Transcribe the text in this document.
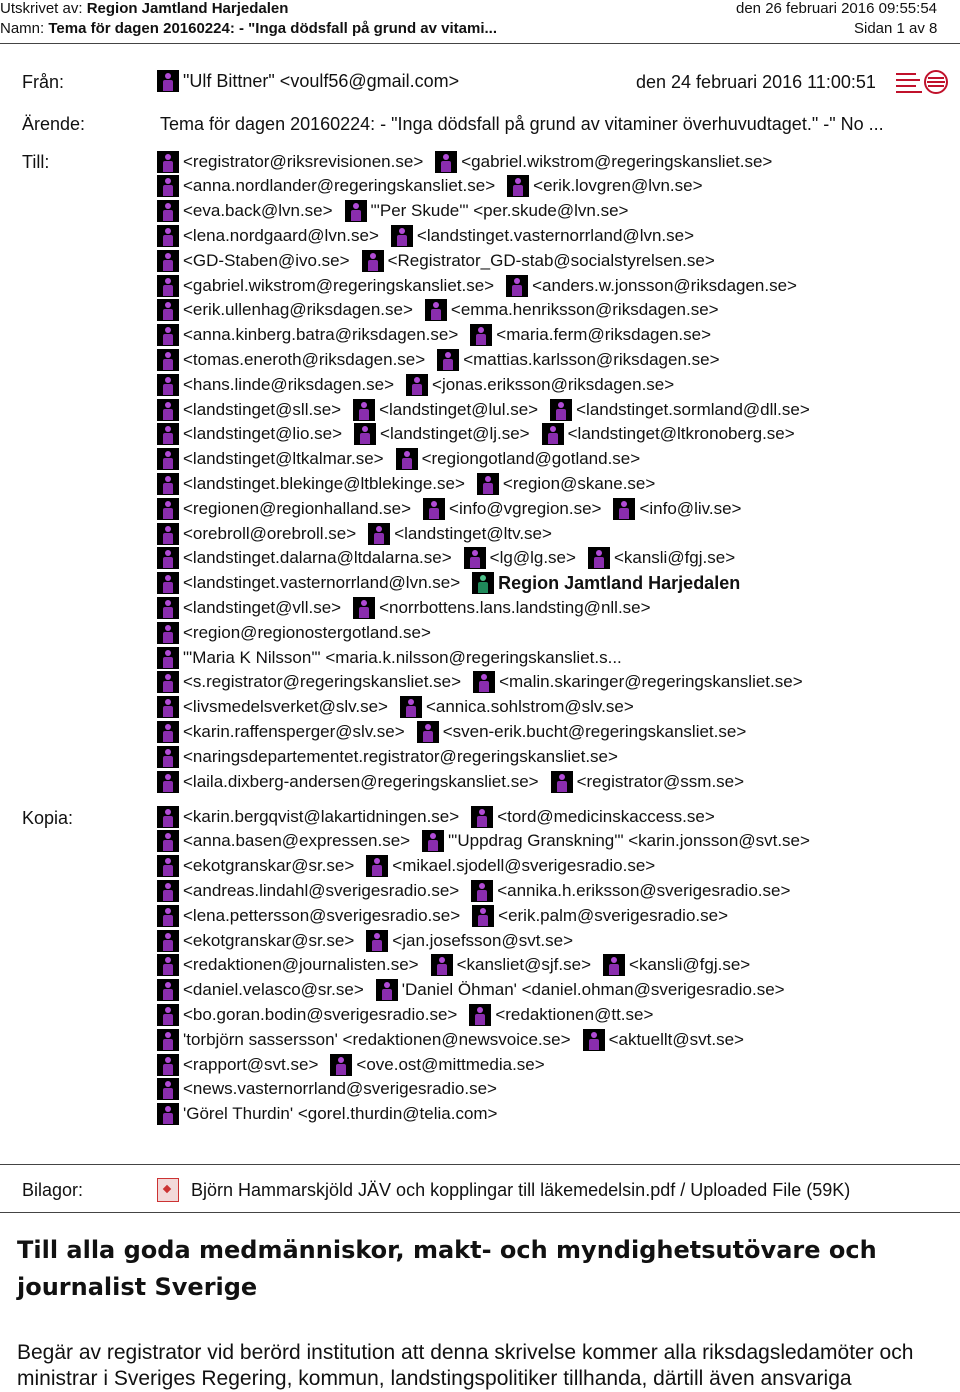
Utskrivet av: Region Jamtland Harjedalen	den 26 februari 2016 09:55:54
Namn: Tema för dagen 20160224: - "Inga dödsfall på grund av vitami...	Sidan 1 av 8
Från:	"Ulf Bittner" <voulf56@gmail.com>	den 24 februari 2016 11:00:51
Ärende:	Tema för dagen 20160224: - "Inga dödsfall på grund av vitaminer överhuvudtaget." -" No ...
Till:	<registrator@riksrevisionen.se> <gabriel.wikstrom@regeringskansliet.se>
<anna.nordlander@regeringskansliet.se> <erik.lovgren@lvn.se>
<eva.back@lvn.se> "'Per Skude'" <per.skude@lvn.se>
<lena.nordgaard@lvn.se> <landstinget.vasternorrland@lvn.se>
<GD-Staben@ivo.se> <Registrator_GD-stab@socialstyrelsen.se>
<gabriel.wikstrom@regeringskansliet.se> <anders.w.jonsson@riksdagen.se>
<erik.ullenhag@riksdagen.se> <emma.henriksson@riksdagen.se>
<anna.kinberg.batra@riksdagen.se> <maria.ferm@riksdagen.se>
<tomas.eneroth@riksdagen.se> <mattias.karlsson@riksdagen.se>
<hans.linde@riksdagen.se> <jonas.eriksson@riksdagen.se>
<landstinget@sll.se> <landstinget@lul.se> <landstinget.sormland@dll.se>
<landstinget@lio.se> <landstinget@lj.se> <landstinget@ltkronoberg.se>
<landstinget@ltkalmar.se> <regiongotland@gotland.se>
<landstinget.blekinge@ltblekinge.se> <region@skane.se>
<regionen@regionhalland.se> <info@vgregion.se> <info@liv.se>
<orebroll@orebroll.se> <landstinget@ltv.se>
<landstinget.dalarna@ltdalarna.se> <lg@lg.se> <kansli@fgj.se>
<landstinget.vasternorrland@lvn.se> Region Jamtland Harjedalen
<landstinget@vll.se> <norrbottens.lans.landsting@nll.se>
<region@regionostergotland.se>
"'Maria K Nilsson'" <maria.k.nilsson@regeringskansliet.s...
<s.registrator@regeringskansliet.se> <malin.skaringer@regeringskansliet.se>
<livsmedelsverket@slv.se> <annica.sohlstrom@slv.se>
<karin.raffensperger@slv.se> <sven-erik.bucht@regeringskansliet.se>
<naringsdepartementet.registrator@regeringskansliet.se>
<laila.dixberg-andersen@regeringskansliet.se> <registrator@ssm.se>
Kopia:	<karin.bergqvist@lakartidningen.se> <tord@medicinskaccess.se>
<anna.basen@expressen.se> "'Uppdrag Granskning'" <karin.jonsson@svt.se>
<ekotgranskar@sr.se> <mikael.sjodell@sverigesradio.se>
<andreas.lindahl@sverigesradio.se> <annika.h.eriksson@sverigesradio.se>
<lena.pettersson@sverigesradio.se> <erik.palm@sverigesradio.se>
<ekotgranskar@sr.se> <jan.josefsson@svt.se>
<redaktionen@journalisten.se> <kansliet@sjf.se> <kansli@fgj.se>
<daniel.velasco@sr.se> 'Daniel Öhman' <daniel.ohman@sverigesradio.se>
<bo.goran.bodin@sverigesradio.se> <redaktionen@tt.se>
'torbjörn sassersson' <redaktionen@newsvoice.se> <aktuellt@svt.se>
<rapport@svt.se> <ove.ost@mittmedia.se>
<news.vasternorrland@sverigesradio.se>
'Görel Thurdin' <gorel.thurdin@telia.com>
Bilagor:	Björn Hammarskjöld JÄV och kopplingar till läkemedelsin.pdf / Uploaded File (59K)
Till alla goda medmänniskor, makt- och myndighetsutövare och journalist Sverige
Begär av registrator vid berörd institution att denna skrivelse kommer alla riksdagsledamöter och ministrar i Sveriges Regering, kommun, landstingspolitiker tillhanda, därtill även ansvariga
